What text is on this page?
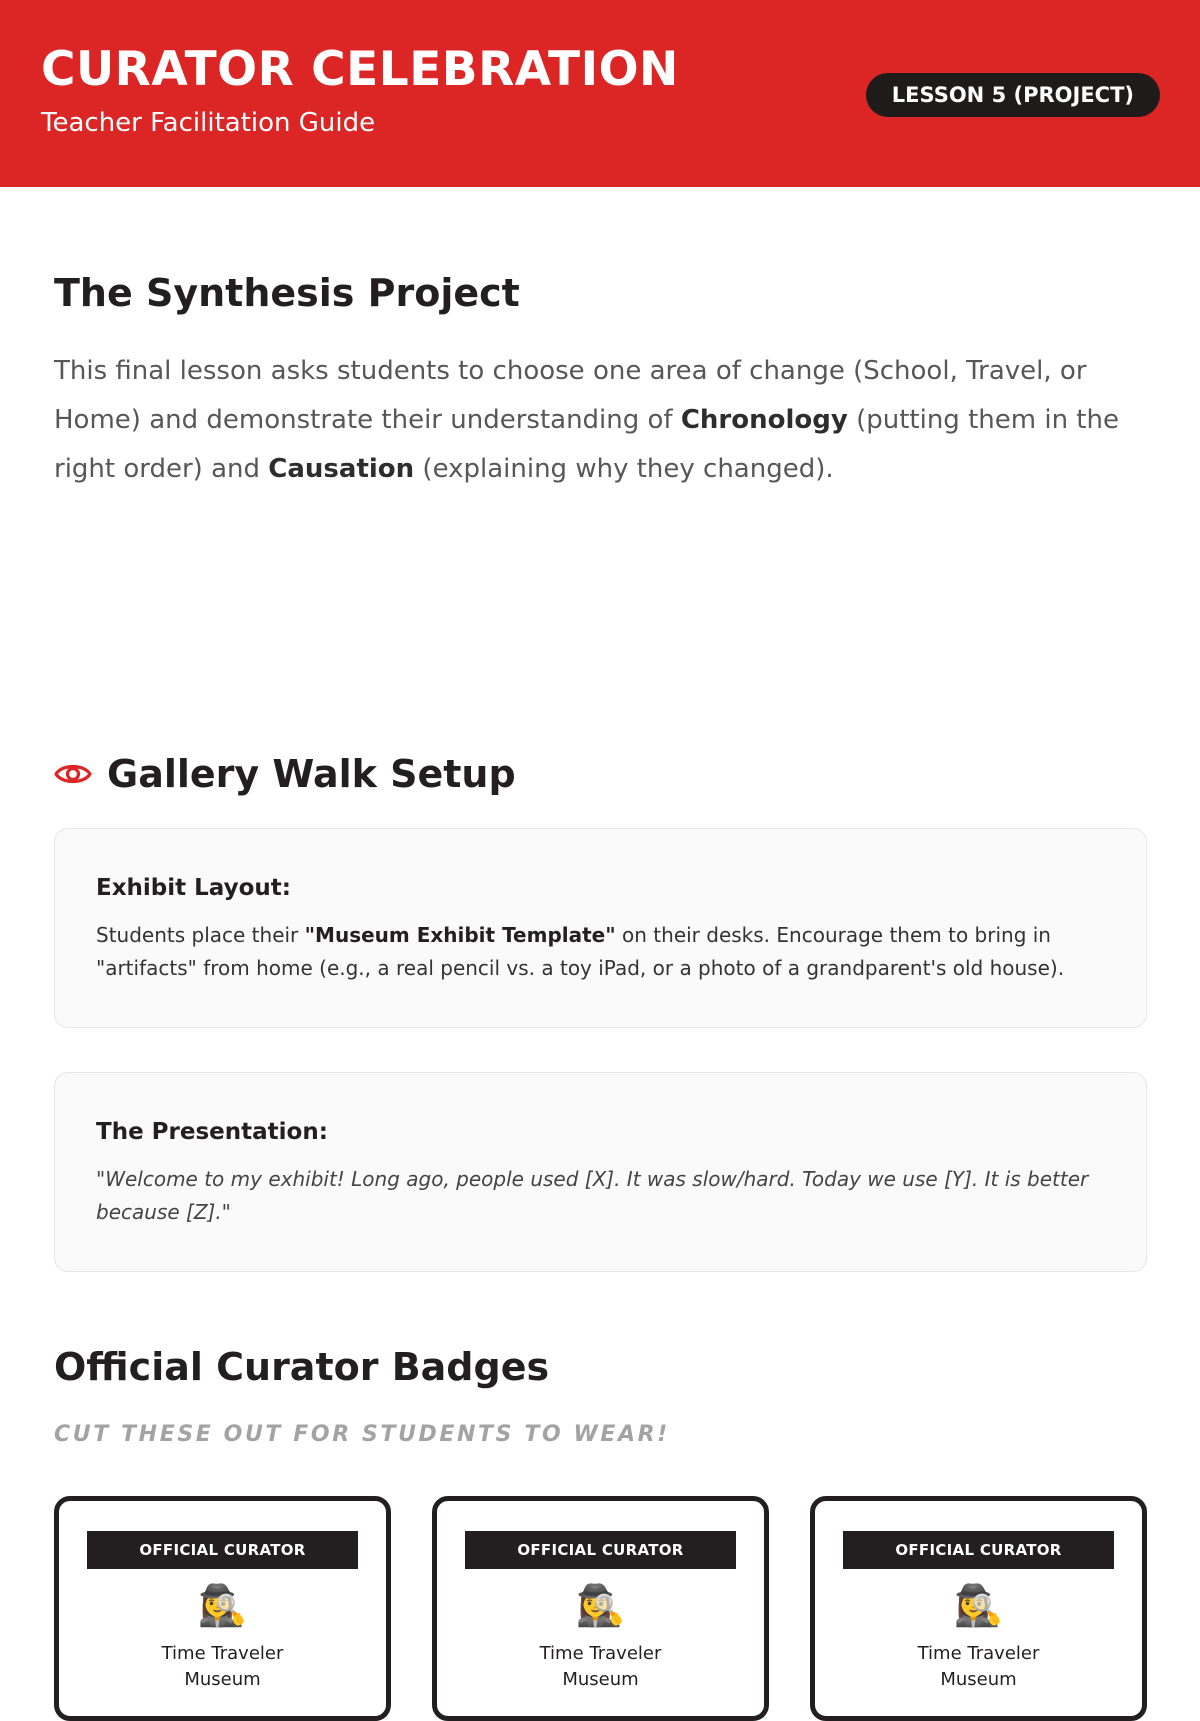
CURATOR CELEBRATION
Teacher Facilitation Guide
LESSON 5 (PROJECT)
The Synthesis Project

This final lesson asks students to choose one area of change (School, Travel, or Home) and demonstrate their understanding of Chronology (putting them in the right order) and Causation (explaining why they changed).

Gallery Walk Setup
Exhibit Layout:
Students place their "Museum Exhibit Template" on their desks. Encourage them to bring in "artifacts" from home (e.g., a real pencil vs. a toy iPad, or a photo of a grandparent's old house).
The Presentation:
"Welcome to my exhibit! Long ago, people used [X]. It was slow/hard. Today we use [Y]. It is better because [Z]."
Official Curator Badges
CUT THESE OUT FOR STUDENTS TO WEAR!
OFFICIAL CURATOR
🕵️‍♀️
Time Traveler
Museum
OFFICIAL CURATOR
🕵️‍♀️
Time Traveler
Museum
OFFICIAL CURATOR
🕵️‍♀️
Time Traveler
Museum
